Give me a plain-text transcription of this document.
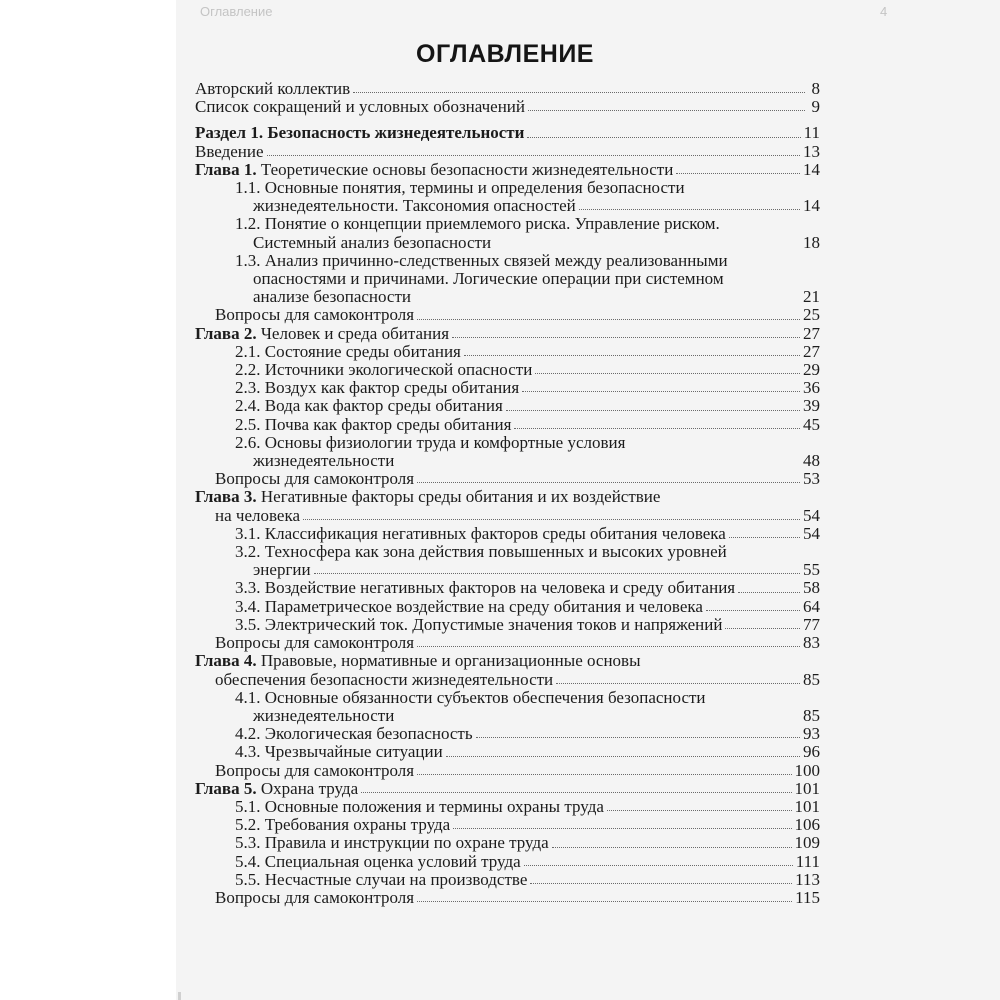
Оглавление	4
ОГЛАВЛЕНИЕ
Авторский коллектив	8
Список сокращений и условных обозначений	9
Раздел 1. Безопасность жизнедеятельности	11
Введение	13
Глава 1. Теоретические основы безопасности жизнедеятельности	14
1.1. Основные понятия, термины и определения безопасности
жизнедеятельности. Таксономия опасностей	14
1.2. Понятие о концепции приемлемого риска. Управление риском.
Системный анализ безопасности	18
1.3. Анализ причинно-следственных связей между реализованными
опасностями и причинами. Логические операции при системном
анализе безопасности	21
Вопросы для самоконтроля	25
Глава 2. Человек и среда обитания	27
2.1. Состояние среды обитания	27
2.2. Источники экологической опасности	29
2.3. Воздух как фактор среды обитания	36
2.4. Вода как фактор среды обитания	39
2.5. Почва как фактор среды обитания	45
2.6. Основы физиологии труда и комфортные условия
жизнедеятельности	48
Вопросы для самоконтроля	53
Глава 3. Негативные факторы среды обитания и их воздействие
на человека	54
3.1. Классификация негативных факторов среды обитания человека	54
3.2. Техносфера как зона действия повышенных и высоких уровней
энергии	55
3.3. Воздействие негативных факторов на человека и среду обитания	58
3.4. Параметрическое воздействие на среду обитания и человека	64
3.5. Электрический ток. Допустимые значения токов и напряжений	77
Вопросы для самоконтроля	83
Глава 4. Правовые, нормативные и организационные основы
обеспечения безопасности жизнедеятельности	85
4.1. Основные обязанности субъектов обеспечения безопасности
жизнедеятельности	85
4.2. Экологическая безопасность	93
4.3. Чрезвычайные ситуации	96
Вопросы для самоконтроля	100
Глава 5. Охрана труда	101
5.1. Основные положения и термины охраны труда	101
5.2. Требования охраны труда	106
5.3. Правила и инструкции по охране труда	109
5.4. Специальная оценка условий труда	111
5.5. Несчастные случаи на производстве	113
Вопросы для самоконтроля	115
